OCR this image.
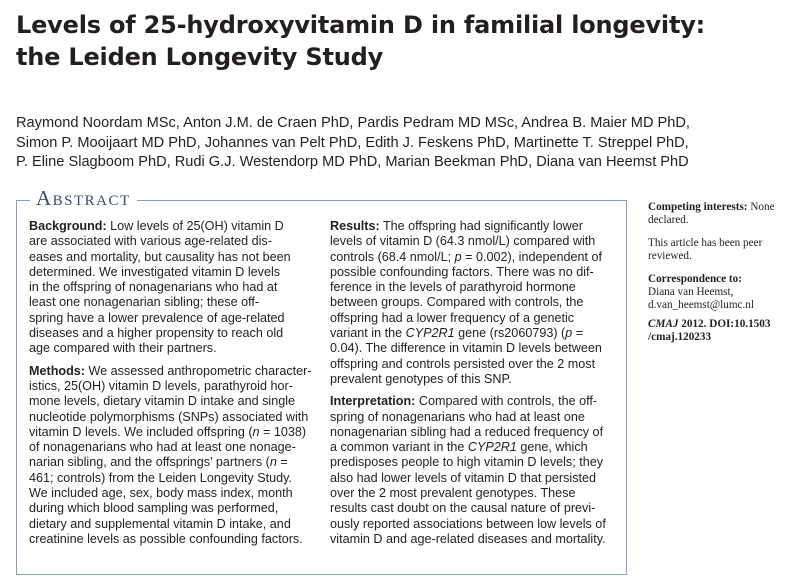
Levels of 25-hydroxyvitamin D in familial longevity:
the Leiden Longevity Study
Raymond Noordam MSc, Anton J.M. de Craen PhD, Pardis Pedram MD MSc, Andrea B. Maier MD PhD,
Simon P. Mooijaart MD PhD, Johannes van Pelt PhD, Edith J. Feskens PhD, Martinette T. Streppel PhD,
P. Eline Slagboom PhD, Rudi G.J. Westendorp MD PhD, Marian Beekman PhD, Diana van Heemst PhD
Abstract

Background: Low levels of 25(OH) vitamin D
are associated with various age-related dis-
eases and mortality, but causality has not been
determined. We investigated vitamin D levels
in the offspring of nonagenarians who had at
least one nonagenarian sibling; these off-
spring have a lower prevalence of age-related
diseases and a higher propensity to reach old
age compared with their partners.

Methods: We assessed anthropometric character-
istics, 25(OH) vitamin D levels, parathyroid hor-
mone levels, dietary vitamin D intake and single
nucleotide polymorphisms (SNPs) associated with
vitamin D levels. We included offspring (n = 1038)
of nonagenarians who had at least one nonage-
narian sibling, and the offsprings’ partners (n =
461; controls) from the Leiden Longevity Study.
We included age, sex, body mass index, month
during which blood sampling was performed,
dietary and supplemental vitamin D intake, and
creatinine levels as possible confounding factors.

Results: The offspring had significantly lower
levels of vitamin D (64.3 nmol/L) compared with
controls (68.4 nmol/L; p = 0.002), independent of
possible confounding factors. There was no dif-
ference in the levels of parathyroid hormone
between groups. Compared with controls, the
offspring had a lower frequency of a genetic
variant in the CYP2R1 gene (rs2060793) (p =
0.04). The difference in vitamin D levels between
offspring and controls persisted over the 2 most
prevalent genotypes of this SNP.

Interpretation: Compared with controls, the off-
spring of nonagenarians who had at least one
nonagenarian sibling had a reduced frequency of
a common variant in the CYP2R1 gene, which
predisposes people to high vitamin D levels; they
also had lower levels of vitamin D that persisted
over the 2 most prevalent genotypes. These
results cast doubt on the causal nature of previ-
ously reported associations between low levels of
vitamin D and age-related diseases and mortality.

Competing interests: None
declared.

This article has been peer
reviewed.

Correspondence to:
Diana van Heemst,
d.van_heemst@lumc.nl

CMAJ 2012. DOI:10.1503
/cmaj.120233
